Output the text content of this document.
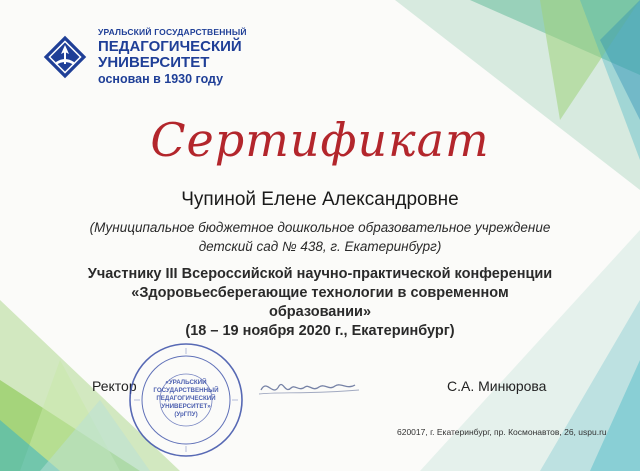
УРАЛЬСКИЙ ГОСУДАРСТВЕННЫЙ
ПЕДАГОГИЧЕСКИЙ
УНИВЕРСИТЕТ
основан в 1930 году
Сертификат
Чупиной Елене Александровне
(Муниципальное бюджетное дошкольное образовательное учреждение
детский сад № 438, г. Екатеринбург)
Участнику III Всероссийской научно-практической конференции
«Здоровьесберегающие технологии в современном
образовании»
(18 – 19 ноября 2020 г., Екатеринбург)
Ректор	«УРАЛЬСКИЙ
ГОСУДАРСТВЕННЫЙ
ПЕДАГОГИЧЕСКИЙ
УНИВЕРСИТЕТ»
(УрГПУ)
С.А. Минюрова
620017, г. Екатеринбург, пр. Космонавтов, 26, uspu.ru
